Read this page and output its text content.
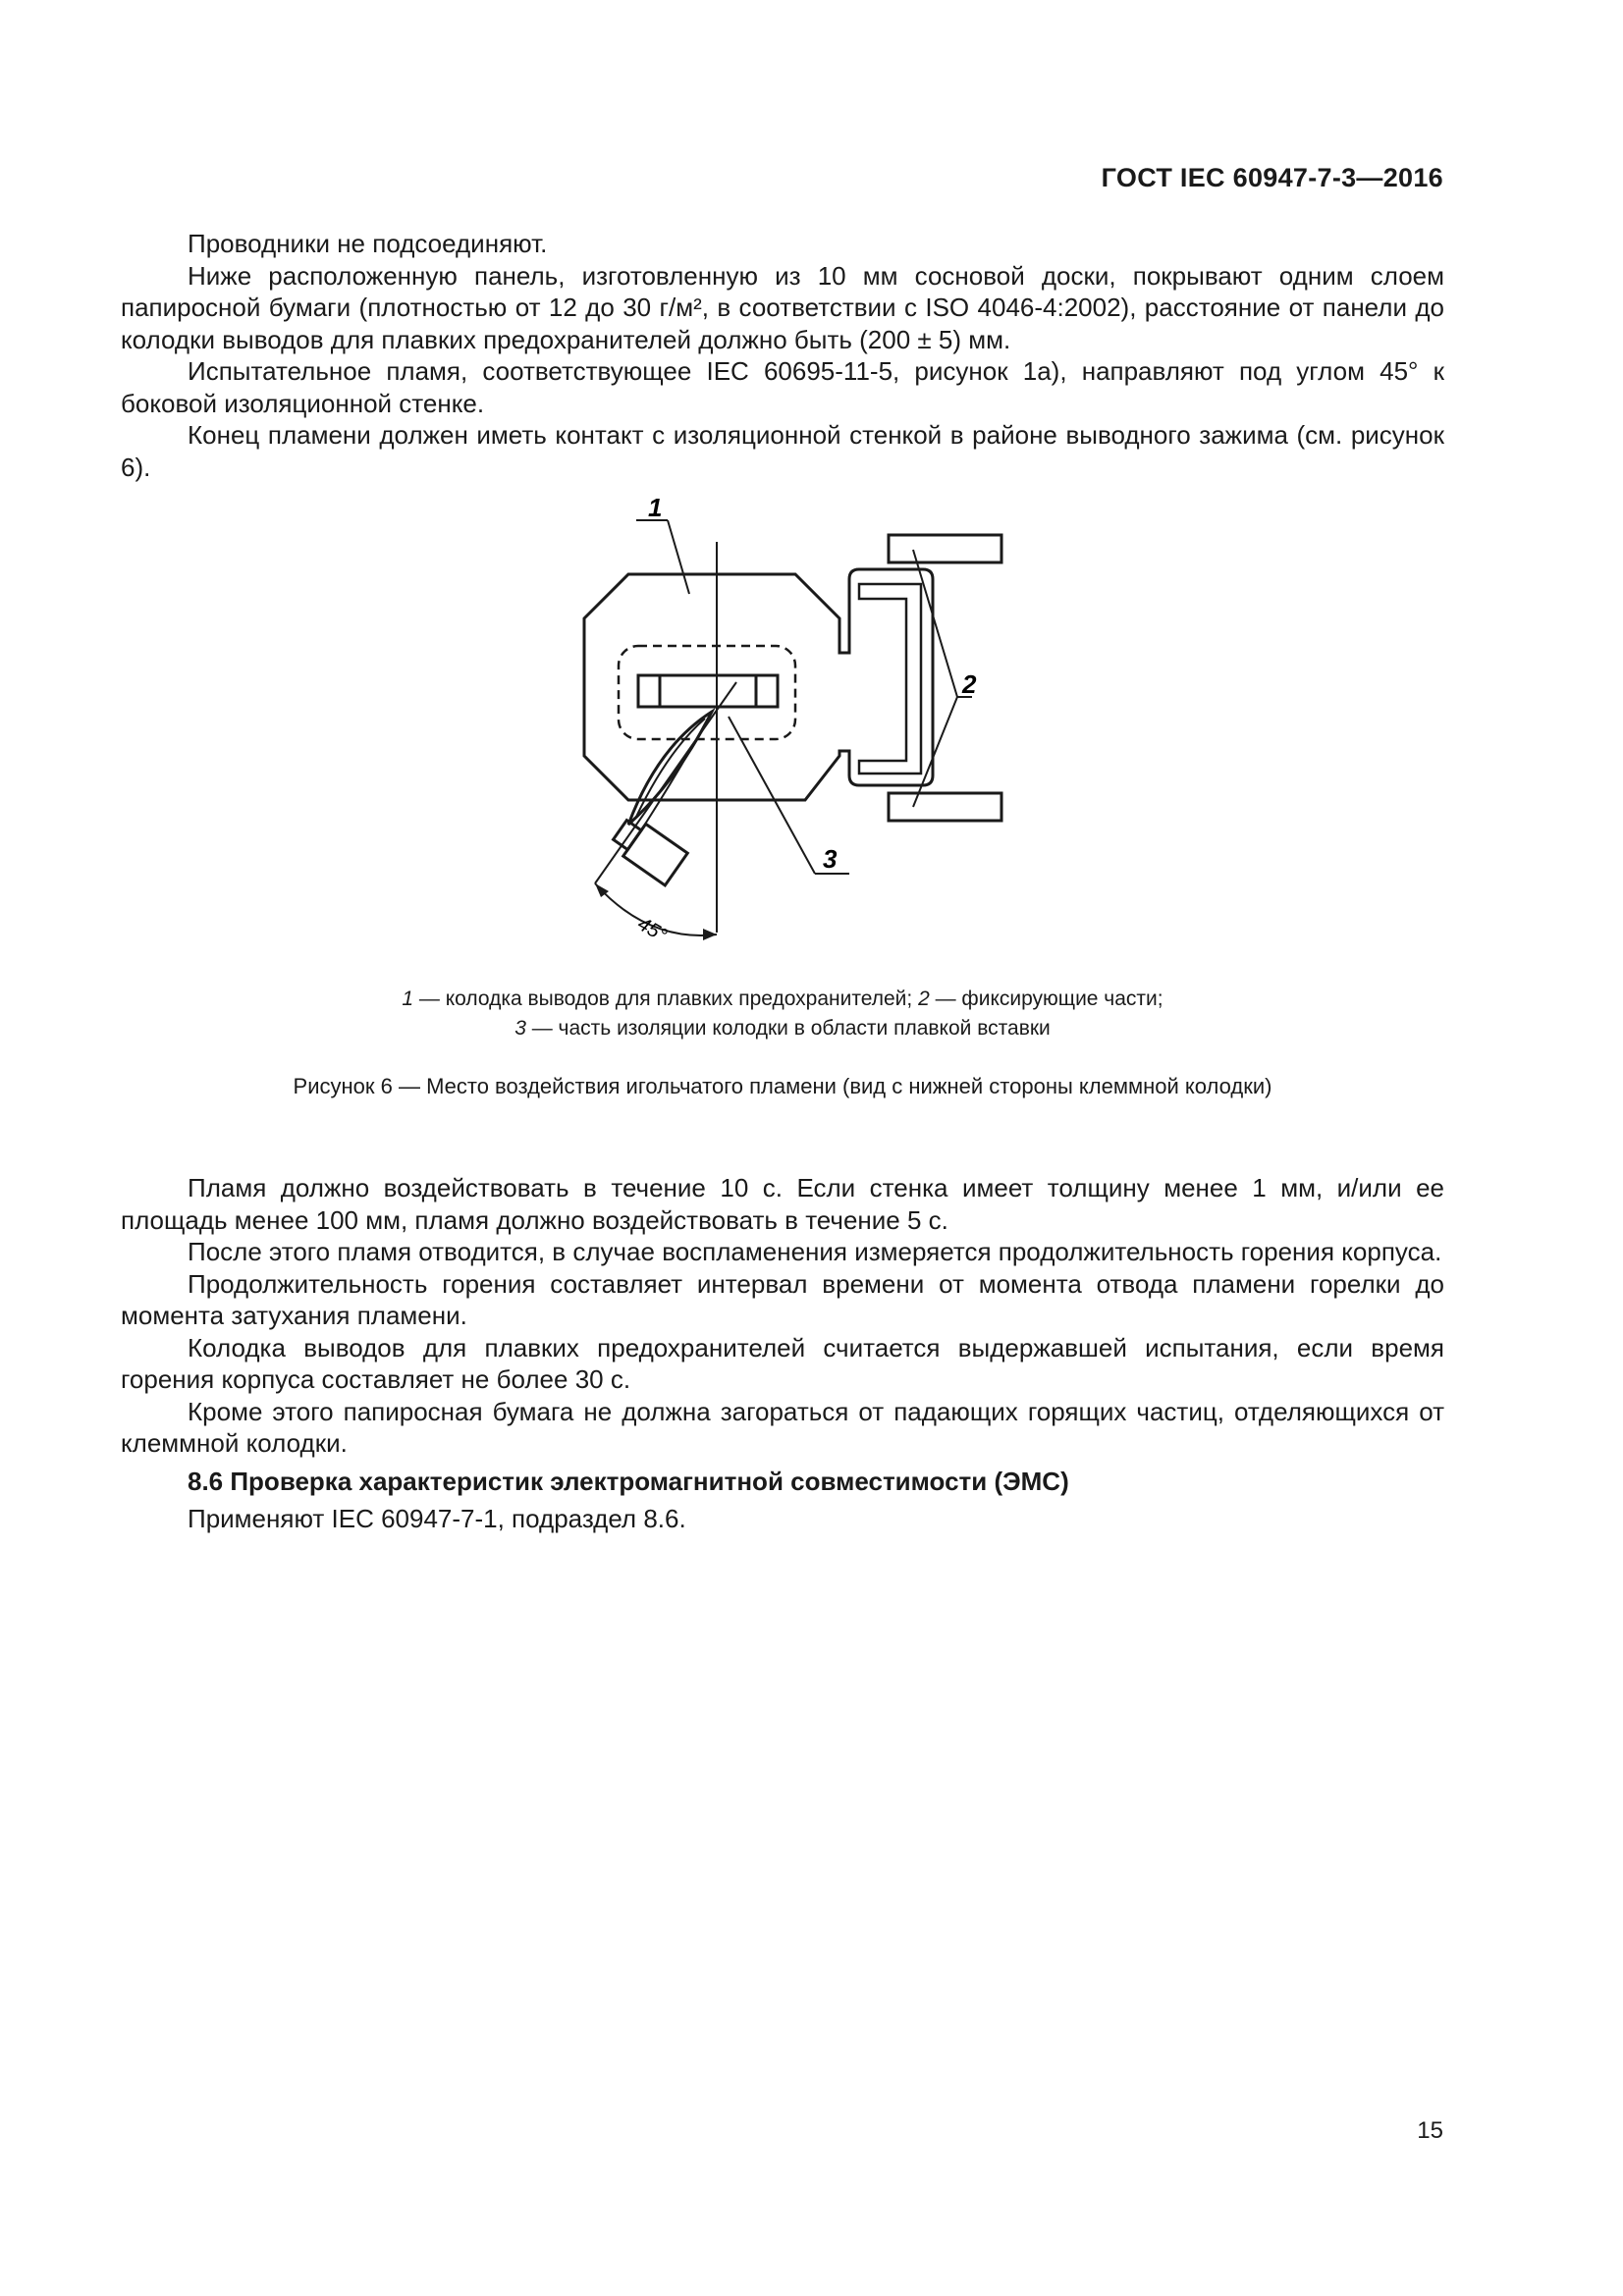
ГОСТ IEC 60947-7-3—2016

Проводники не подсоединяют.

Ниже расположенную панель, изготовленную из 10 мм сосновой доски, покрывают одним слоем папиросной бумаги (плотностью от 12 до 30 г/м², в соответствии с ISO 4046-4:2002), расстояние от панели до колодки выводов для плавких предохранителей должно быть (200 ± 5) мм.

Испытательное пламя, соответствующее IEC 60695-11-5, рисунок 1а), направляют под углом 45° к боковой изоляционной стенке.

Конец пламени должен иметь контакт с изоляционной стенкой в районе выводного зажима (см. рисунок 6).

45°
1
2
3
1 — колодка выводов для плавких предохранителей; 2 — фиксирующие части;
3 — часть изоляции колодки в области плавкой вставки
Рисунок 6 — Место воздействия игольчатого пламени (вид с нижней стороны клеммной колодки)

Пламя должно воздействовать в течение 10 с. Если стенка имеет толщину менее 1 мм, и/или ее площадь менее 100 мм, пламя должно воздействовать в течение 5 с.

После этого пламя отводится, в случае воспламенения измеряется продолжительность горения корпуса.

Продолжительность горения составляет интервал времени от момента отвода пламени горелки до момента затухания пламени.

Колодка выводов для плавких предохранителей считается выдержавшей испытания, если время горения корпуса составляет не более 30 с.

Кроме этого папиросная бумага не должна загораться от падающих горящих частиц, отделяющихся от клеммной колодки.

8.6 Проверка характеристик электромагнитной совместимости (ЭМС)

Применяют IEC 60947-7-1, подраздел 8.6.

15
